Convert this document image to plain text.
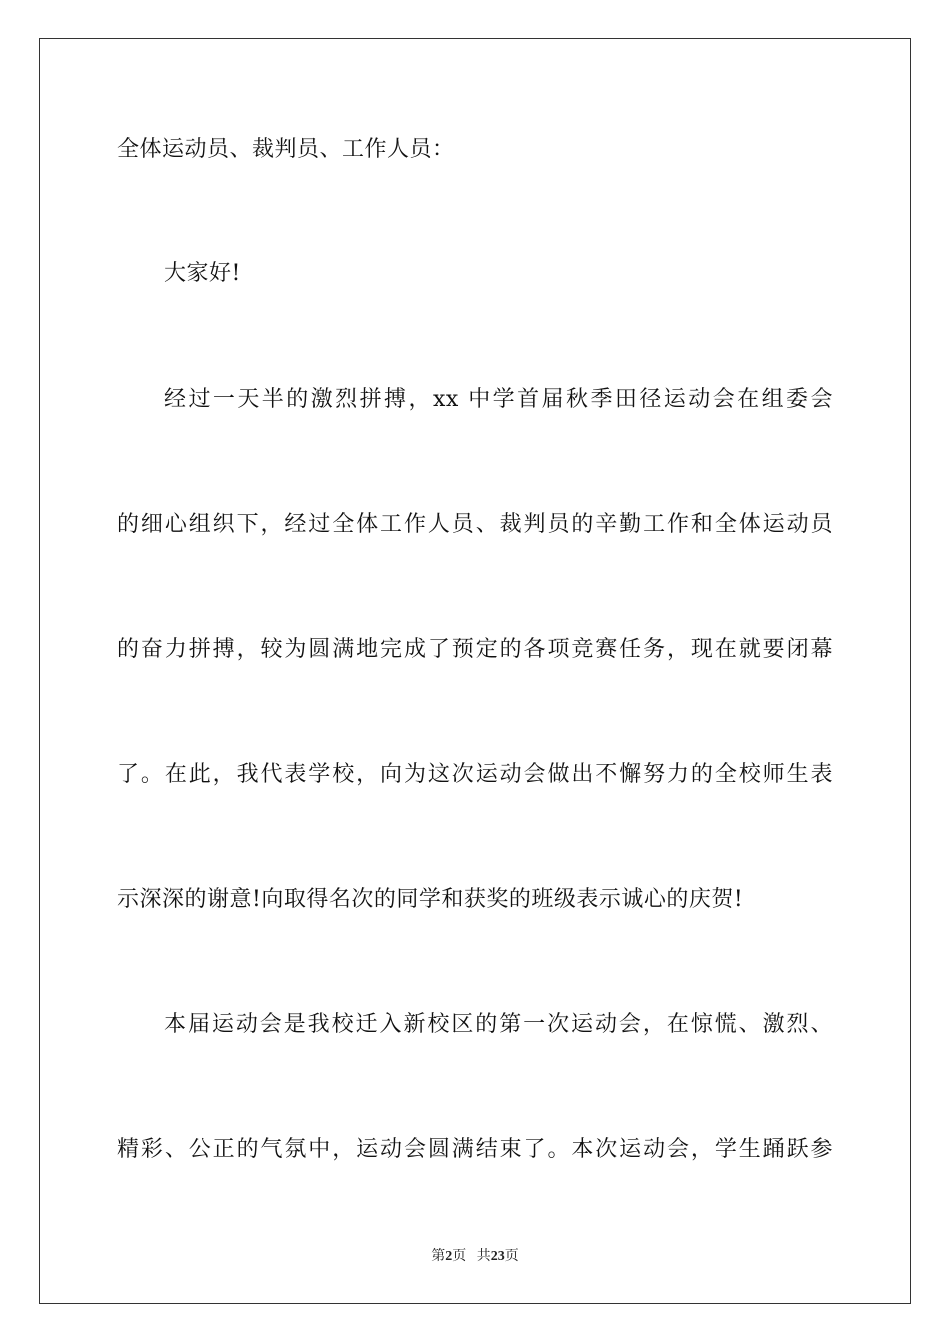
全体运动员、裁判员、工作人员：
大家好!
经过一天半的激烈拼搏，xx 中学首届秋季田径运动会在组委会
的细心组织下，经过全体工作人员、裁判员的辛勤工作和全体运动员
的奋力拼搏，较为圆满地完成了预定的各项竞赛任务，现在就要闭幕
了。在此，我代表学校，向为这次运动会做出不懈努力的全校师生表
示深深的谢意!向取得名次的同学和获奖的班级表示诚心的庆贺!
本届运动会是我校迁入新校区的第一次运动会，在惊慌、激烈、
精彩、公正的气氛中，运动会圆满结束了。本次运动会，学生踊跃参
第2页 共23页
